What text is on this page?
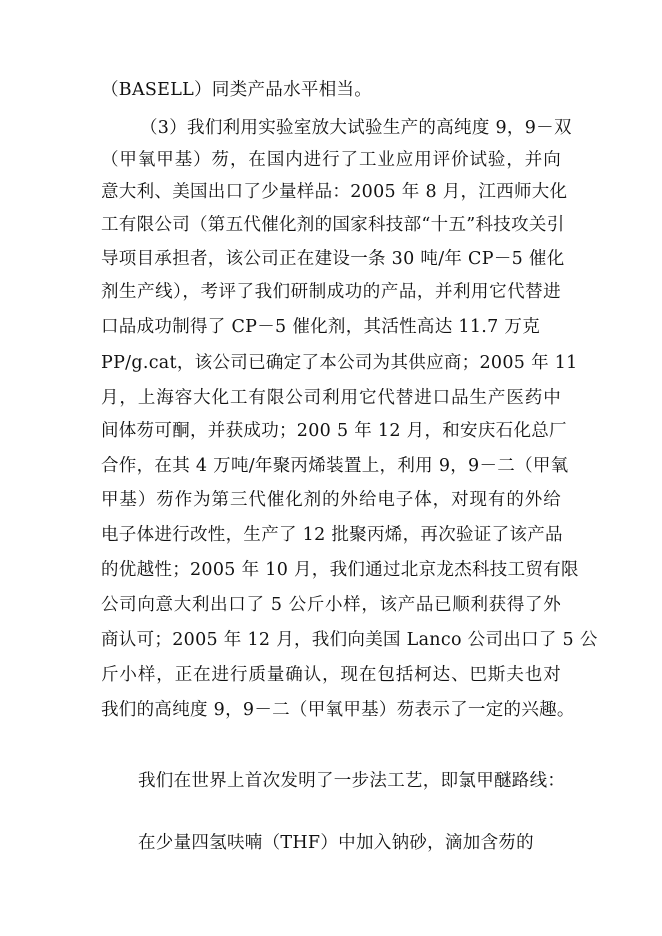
（BASELL）同类产品水平相当。
（3）我们利用实验室放大试验生产的高纯度 9，9－双
（甲氧甲基）芴，在国内进行了工业应用评价试验，并向
意大利、美国出口了少量样品：2005 年 8 月，江西师大化
工有限公司（第五代催化剂的国家科技部“十五”科技攻关引
导项目承担者，该公司正在建设一条 30 吨/年 CP－5 催化
剂生产线），考评了我们研制成功的产品，并利用它代替进
口品成功制得了 CP－5 催化剂，其活性高达 11.7 万克
PP/g.cat，该公司已确定了本公司为其供应商；2005 年 11
月，上海容大化工有限公司利用它代替进口品生产医药中
间体芴可酮，并获成功；200 5 年 12 月，和安庆石化总厂
合作，在其 4 万吨/年聚丙烯装置上，利用 9，9－二（甲氧
甲基）芴作为第三代催化剂的外给电子体，对现有的外给
电子体进行改性，生产了 12 批聚丙烯，再次验证了该产品
的优越性；2005 年 10 月，我们通过北京龙杰科技工贸有限
公司向意大利出口了 5 公斤小样，该产品已顺利获得了外
商认可；2005 年 12 月，我们向美国 Lanco 公司出口了 5 公
斤小样，正在进行质量确认，现在包括柯达、巴斯夫也对
我们的高纯度 9，9－二（甲氧甲基）芴表示了一定的兴趣。
我们在世界上首次发明了一步法工艺，即氯甲醚路线：
在少量四氢呋喃（THF）中加入钠砂，滴加含芴的
